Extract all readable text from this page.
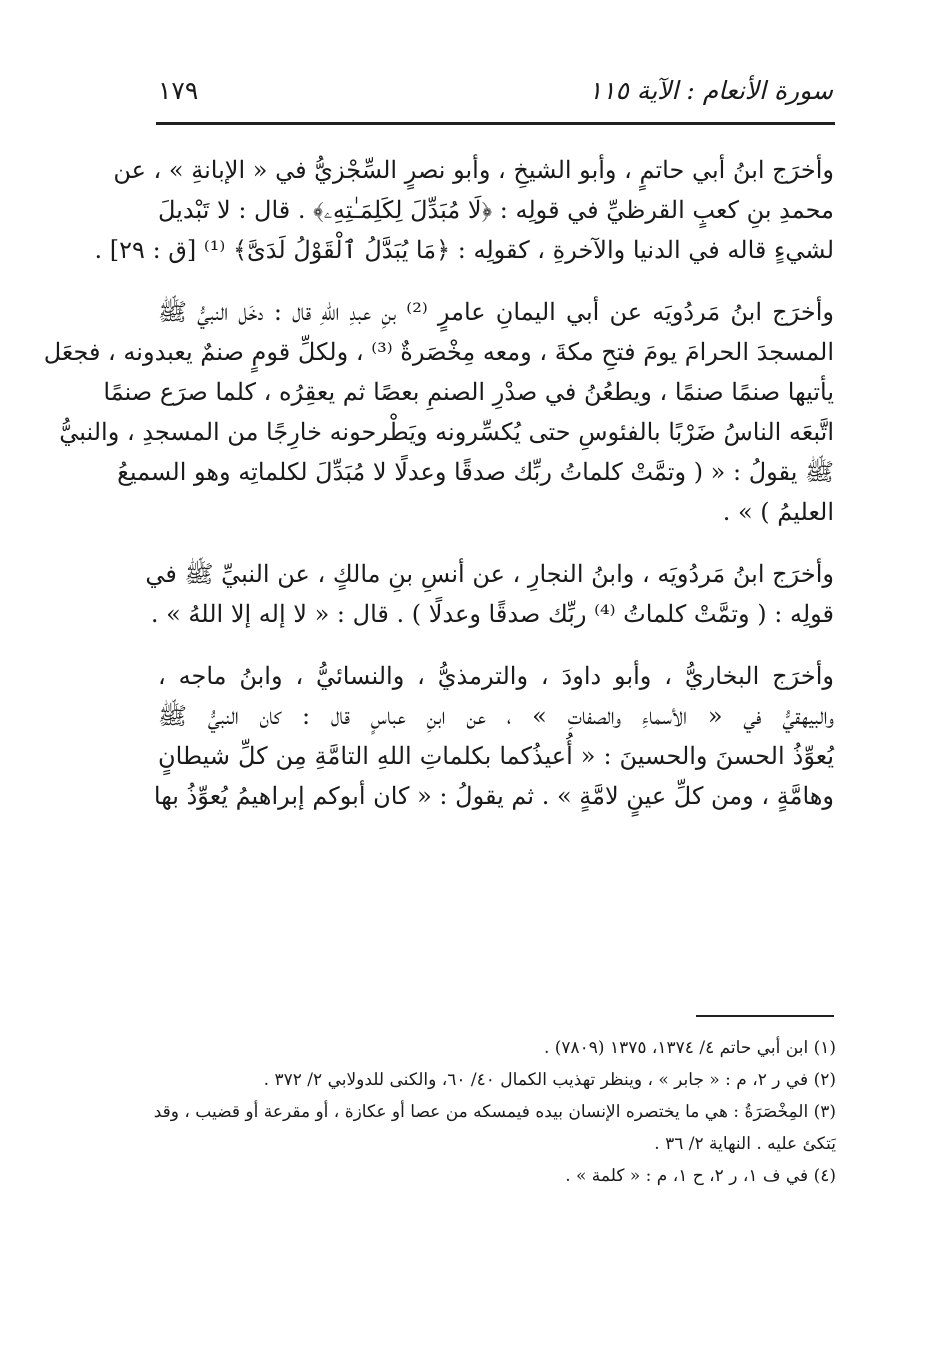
سورة الأنعام : الآية ١١٥
١٧٩
وأخرَج ابنُ أبي حاتمٍ ، وأبو الشيخِ ، وأبو نصرٍ السِّجْزيُّ في « الإبانةِ » ، عن
محمدِ بنِ كعبٍ القرظيِّ في قولِه : ﴿لَا مُبَدِّلَ لِكَلِمَـٰتِهِۦ﴾ . قال : لا تَبْديلَ
لشيءٍ قاله في الدنيا والآخرةِ ، كقولِه : ﴿مَا يُبَدَّلُ ٱلْقَوْلُ لَدَىَّ﴾ ⁽¹⁾ [ق : ٢٩] .
وأخرَج ابنُ مَردُويَه عن أبي اليمانِ عامرٍ ⁽²⁾ بنِ عبدِ اللهِ قال : دخَل النبيُّ ﷺ
المسجدَ الحرامَ يومَ فتحِ مكةَ ، ومعه مِخْصَرةٌ ⁽³⁾ ، ولكلِّ قومٍ صنمٌ يعبدونه ، فجعَل
يأتيها صنمًا صنمًا ، ويطعُنُ في صدْرِ الصنمِ بعصًا ثم يعقِرُه ، كلما صرَع صنمًا
اتَّبعَه الناسُ ضَرْبًا بالفئوسِ حتى يُكسِّرونه ويَطْرحونه خارِجًا من المسجدِ ، والنبيُّ
ﷺ يقولُ : « ( وتمَّتْ كلماتُ ربِّك صدقًا وعدلًا لا مُبَدِّلَ لكلماتِه وهو السميعُ
العليمُ ) » .
وأخرَج ابنُ مَردُويَه ، وابنُ النجارِ ، عن أنسِ بنِ مالكٍ ، عن النبيِّ ﷺ في
قولِه : ( وتمَّتْ كلماتُ ⁽⁴⁾ ربِّك صدقًا وعدلًا ) . قال : « لا إله إلا اللهُ » .
وأخرَج البخاريُّ ، وأبو داودَ ، والترمذيُّ ، والنسائيُّ ، وابنُ ماجه ،
والبيهقيُّ في « الأسماءِ والصفاتِ » ، عن ابنِ عباسٍ قال : كان النبيُّ ﷺ
يُعوِّذُ الحسنَ والحسينَ : « أُعيذُكما بكلماتِ اللهِ التامَّةِ مِن كلِّ شيطانٍ
وهامَّةٍ ، ومن كلِّ عينٍ لامَّةٍ » . ثم يقولُ : « كان أبوكم إبراهيمُ يُعوِّذُ بها
(١) ابن أبي حاتم ٤/ ١٣٧٤، ١٣٧٥ (٧٨٠٩) .
(٢) في ر ٢، م : « جابر » ، وينظر تهذيب الكمال ٤٠/ ٦٠، والكنى للدولابي ٢/ ٣٧٢ .
(٣) المِخْصَرَةُ : هي ما يختصره الإنسان بيده فيمسكه من عصا أو عكازة ، أو مقرعة أو قضيب ، وقد
يَتكئ عليه . النهاية ٢/ ٣٦ .
(٤) في ف ١، ر ٢، ح ١، م : « كلمة » .
